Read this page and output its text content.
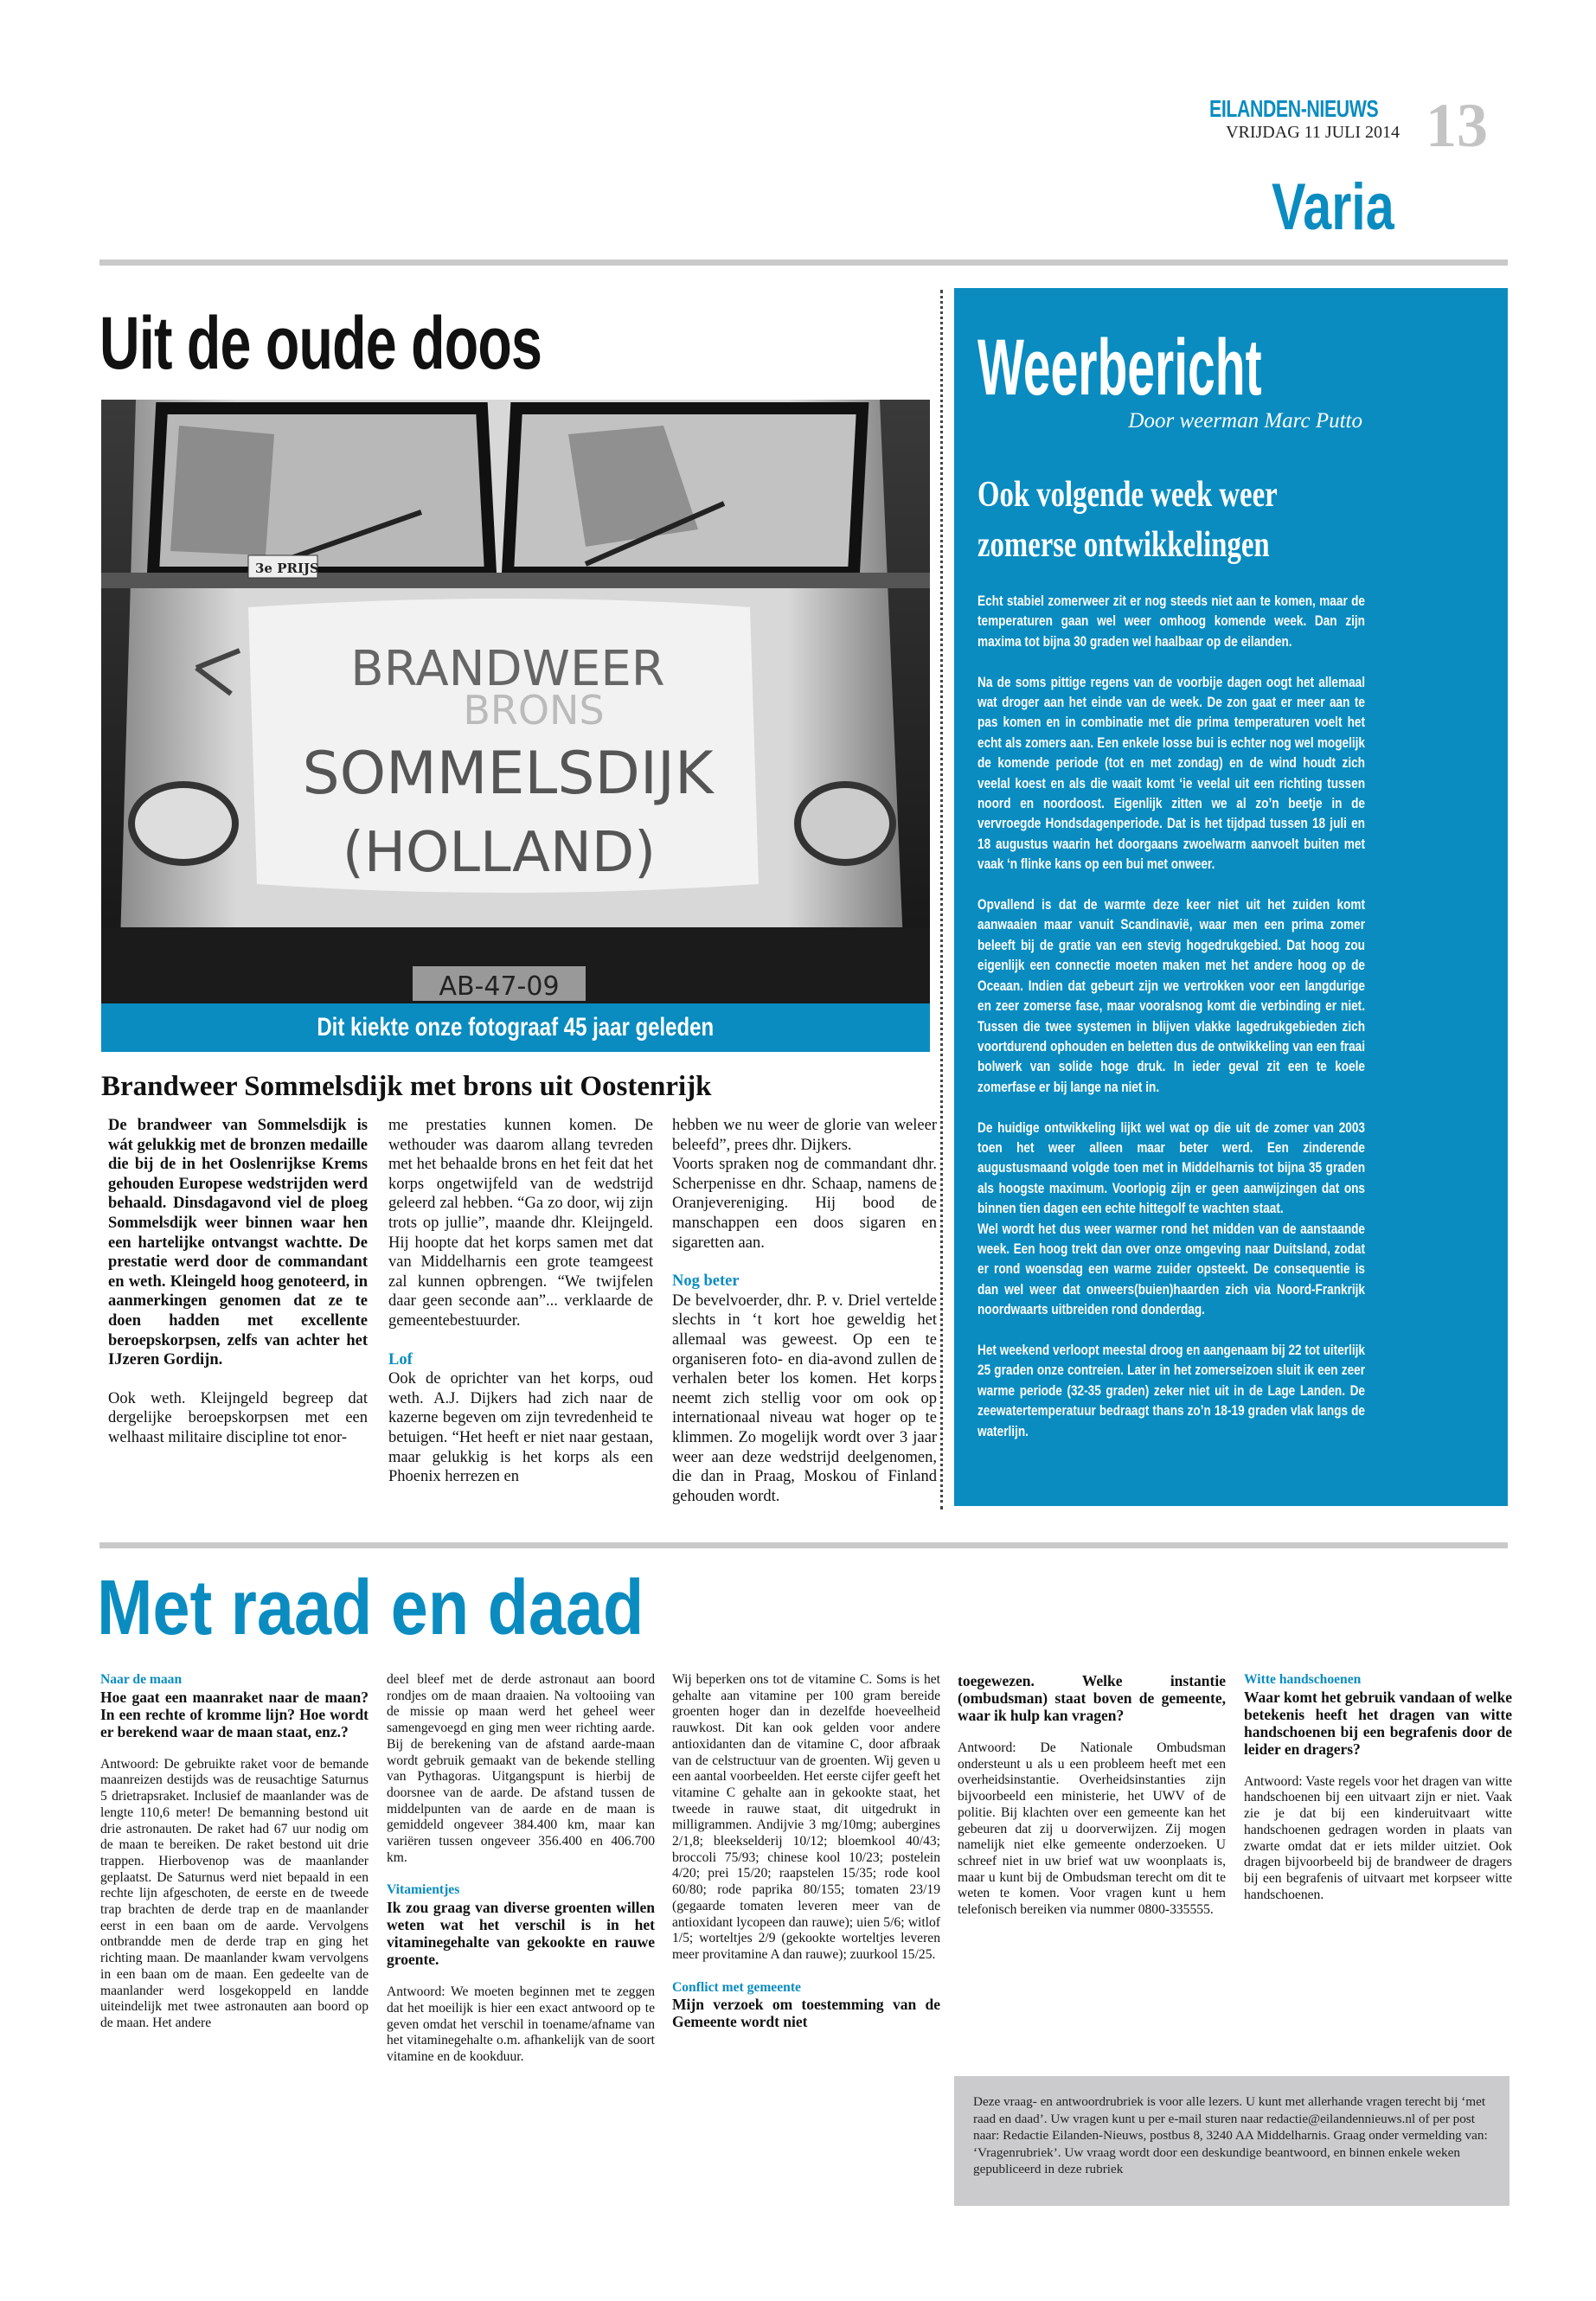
EILANDEN-NIEUWS
VRIJDAG 11 JULI 2014 13
Varia
Uit de oude doos
3e PRIJS
BRANDWEER
BRONS
SOMMELSDIJK
(HOLLAND)
AB-47-09
Dit kiekte onze fotograaf 45 jaar geleden
Brandweer Sommelsdijk met brons uit Oostenrijk

De brandweer van Sommelsdijk is wát gelukkig met de bronzen medaille die bij de in het Ooslenrijkse Krems gehouden Europese wedstrijden werd behaald. Dinsdagavond viel de ploeg Sommelsdijk weer binnen waar hen een hartelijke ontvangst wachtte. De prestatie werd door de commandant en weth. Kleingeld hoog genoteerd, in aanmerkingen genomen dat ze te doen hadden met excellente beroepskorpsen, zelfs van achter het IJzeren Gordijn.

Ook weth. Kleijngeld begreep dat dergelijke beroepskorpsen met een welhaast militaire discipline tot enor-

me prestaties kunnen komen. De wethouder was daarom allang tevreden met het behaalde brons en het feit dat het korps ongetwijfeld van de wedstrijd geleerd zal hebben. “Ga zo door, wij zijn trots op jullie”, maande dhr. Kleijngeld. Hij hoopte dat het korps samen met dat van Middelharnis een grote teamgeest zal kunnen opbrengen. “We twijfelen daar geen seconde aan”... verklaarde de gemeentebestuurder.

Lof

Ook de oprichter van het korps, oud weth. A.J. Dijkers had zich naar de kazerne begeven om zijn tevredenheid te betuigen. “Het heeft er niet naar gestaan, maar gelukkig is het korps als een Phoenix herrezen en

hebben we nu weer de glorie van weleer beleefd”, prees dhr. Dijkers.

Voorts spraken nog de commandant dhr. Scherpenisse en dhr. Schaap, namens de Oranjevereniging. Hij bood de manschappen een doos sigaren en sigaretten aan.

Nog beter

De bevelvoerder, dhr. P. v. Driel vertelde slechts in ‘t kort hoe geweldig het allemaal was geweest. Op een te organiseren foto- en dia-avond zullen de verhalen beter los komen. Het korps neemt zich stellig voor om ook op internationaal niveau wat hoger op te klimmen. Zo mogelijk wordt over 3 jaar weer aan deze wedstrijd deelgenomen, die dan in Praag, Moskou of Finland gehouden wordt.

Weerbericht
Door weerman Marc Putto
Ook volgende week weer
zomerse ontwikkelingen

Echt stabiel zomerweer zit er nog steeds niet aan te komen, maar de temperaturen gaan wel weer omhoog komende week. Dan zijn maxima tot bijna 30 graden wel haalbaar op de eilanden.

Na de soms pittige regens van de voorbije dagen oogt het allemaal wat droger aan het einde van de week. De zon gaat er meer aan te pas komen en in combinatie met die prima temperaturen voelt het echt als zomers aan. Een enkele losse bui is echter nog wel mogelijk de komende periode (tot en met zondag) en de wind houdt zich veelal koest en als die waait komt ‘ie veelal uit een richting tussen noord en noordoost. Eigenlijk zitten we al zo’n beetje in de vervroegde Hondsdagenperiode. Dat is het tijdpad tussen 18 juli en 18 augustus waarin het doorgaans zwoelwarm aanvoelt buiten met vaak ‘n flinke kans op een bui met onweer.

Opvallend is dat de warmte deze keer niet uit het zuiden komt aanwaaien maar vanuit Scandinavië, waar men een prima zomer beleeft bij de gratie van een stevig hogedrukgebied. Dat hoog zou eigenlijk een connectie moeten maken met het andere hoog op de Oceaan. Indien dat gebeurt zijn we vertrokken voor een langdurige en zeer zomerse fase, maar vooralsnog komt die verbinding er niet. Tussen die twee systemen in blijven vlakke lagedrukgebieden zich voortdurend ophouden en beletten dus de ontwikkeling van een fraai bolwerk van solide hoge druk. In ieder geval zit een te koele zomerfase er bij lange na niet in.

De huidige ontwikkeling lijkt wel wat op die uit de zomer van 2003 toen het weer alleen maar beter werd. Een zinderende augustusmaand volgde toen met in Middelharnis tot bijna 35 graden als hoogste maximum. Voorlopig zijn er geen aanwijzingen dat ons binnen tien dagen een echte hittegolf te wachten staat.

Wel wordt het dus weer warmer rond het midden van de aanstaande week. Een hoog trekt dan over onze omgeving naar Duitsland, zodat er rond woensdag een warme zuider opsteekt. De consequentie is dan wel weer dat onweers(buien)haarden zich via Noord-Frankrijk noordwaarts uitbreiden rond donderdag.

Het weekend verloopt meestal droog en aangenaam bij 22 tot uiterlijk 25 graden onze contreien. Later in het zomerseizoen sluit ik een zeer warme periode (32-35 graden) zeker niet uit in de Lage Landen. De zeewatertemperatuur bedraagt thans zo’n 18-19 graden vlak langs de waterlijn.

Met raad en daad

Naar de maan

Hoe gaat een maanraket naar de maan? In een rechte of kromme lijn? Hoe wordt er berekend waar de maan staat, enz.?

Antwoord: De gebruikte raket voor de bemande maanreizen destijds was de reusachtige Saturnus 5 drietrapsraket. Inclusief de maanlander was de lengte 110,6 meter! De bemanning bestond uit drie astronauten. De raket had 67 uur nodig om de maan te bereiken. De raket bestond uit drie trappen. Hierbovenop was de maanlander geplaatst. De Saturnus werd niet bepaald in een rechte lijn afgeschoten, de eerste en de tweede trap brachten de derde trap en de maanlander eerst in een baan om de aarde. Vervolgens ontbrandde men de derde trap en ging het richting maan. De maanlander kwam vervolgens in een baan om de maan. Een gedeelte van de maanlander werd losgekoppeld en landde uiteindelijk met twee astronauten aan boord op de maan. Het andere

deel bleef met de derde astronaut aan boord rondjes om de maan draaien. Na voltooiing van de missie op maan werd het geheel weer samengevoegd en ging men weer richting aarde. Bij de berekening van de afstand aarde-maan wordt gebruik gemaakt van de bekende stelling van Pythagoras. Uitgangspunt is hierbij de doorsnee van de aarde. De afstand tussen de middelpunten van de aarde en de maan is gemiddeld ongeveer 384.400 km, maar kan variëren tussen ongeveer 356.400 en 406.700 km.

Vitamientjes

Ik zou graag van diverse groenten willen weten wat het verschil is in het vitaminegehalte van gekookte en rauwe groente.

Antwoord: We moeten beginnen met te zeggen dat het moeilijk is hier een exact antwoord op te geven omdat het verschil in toename/afname van het vitaminegehalte o.m. afhankelijk van de soort vitamine en de kookduur.

Wij beperken ons tot de vitamine C. Soms is het gehalte aan vitamine per 100 gram bereide groenten hoger dan in dezelfde hoeveelheid rauwkost. Dit kan ook gelden voor andere antioxidanten dan de vitamine C, door afbraak van de celstructuur van de groenten. Wij geven u een aantal voorbeelden. Het eerste cijfer geeft het vitamine C gehalte aan in gekookte staat, het tweede in rauwe staat, dit uitgedrukt in milligrammen. Andijvie 3 mg/10mg; aubergines 2/1,8; bleekselderij 10/12; bloemkool 40/43; broccoli 75/93; chinese kool 10/23; postelein 4/20; prei 15/20; raapstelen 15/35; rode kool 60/80; rode paprika 80/155; tomaten 23/19 (gegaarde tomaten leveren meer van de antioxidant lycopeen dan rauwe); uien 5/6; witlof 1/5; worteltjes 2/9 (gekookte worteltjes leveren meer provitamine A dan rauwe); zuurkool 15/25.

Conflict met gemeente

Mijn verzoek om toestemming van de Gemeente wordt niet

toegewezen. Welke instantie (ombudsman) staat boven de gemeente, waar ik hulp kan vragen?

Antwoord: De Nationale Ombudsman ondersteunt u als u een probleem heeft met een overheidsinstantie. Overheidsinstanties zijn bijvoorbeeld een ministerie, het UWV of de politie. Bij klachten over een gemeente kan het gebeuren dat zij u doorverwijzen. Zij mogen namelijk niet elke gemeente onderzoeken. U schreef niet in uw brief wat uw woonplaats is, maar u kunt bij de Ombudsman terecht om dit te weten te komen. Voor vragen kunt u hem telefonisch bereiken via nummer 0800-335555.

Witte handschoenen

Waar komt het gebruik vandaan of welke betekenis heeft het dragen van witte handschoenen bij een begrafenis door de leider en dragers?

Antwoord: Vaste regels voor het dragen van witte handschoenen bij een uitvaart zijn er niet. Vaak zie je dat bij een kinderuitvaart witte handschoenen gedragen worden in plaats van zwarte omdat dat er iets milder uitziet. Ook dragen bijvoorbeeld bij de brandweer de dragers bij een begrafenis of uitvaart met korpseer witte handschoenen.

Deze vraag- en antwoordrubriek is voor alle lezers. U kunt met allerhande vragen terecht bij ‘met raad en daad’. Uw vragen kunt u per e-mail sturen naar redactie@eilandennieuws.nl of per post naar: Redactie Eilanden-Nieuws, postbus 8, 3240 AA Middelharnis. Graag onder vermelding van: ‘Vragenrubriek’. Uw vraag wordt door een deskundige beantwoord, en binnen enkele weken gepubliceerd in deze rubriek
